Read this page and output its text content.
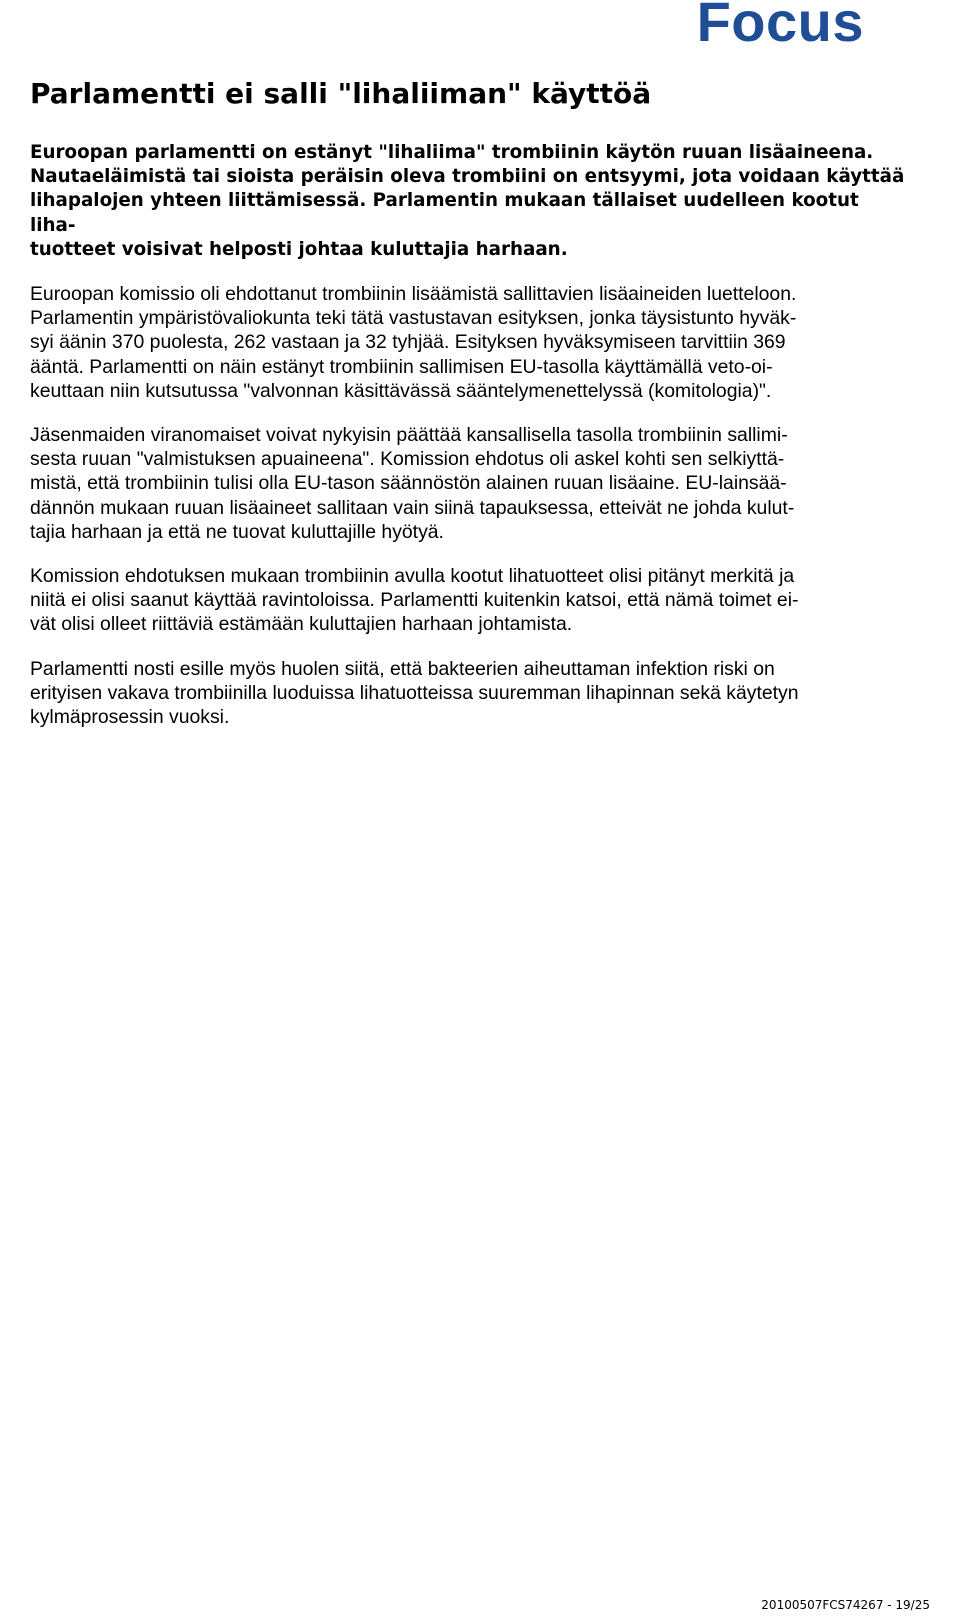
Focus
Parlamentti ei salli "lihaliiman" käyttöä

Euroopan parlamentti on estänyt "lihaliima" trombiinin käytön ruuan lisäaineena.
Nautaeläimistä tai sioista peräisin oleva trombiini on entsyymi, jota voidaan käyttää
lihapalojen yhteen liittämisessä. Parlamentin mukaan tällaiset uudelleen kootut liha-
tuotteet voisivat helposti johtaa kuluttajia harhaan.

Euroopan komissio oli ehdottanut trombiinin lisäämistä sallittavien lisäaineiden luetteloon.
Parlamentin ympäristövaliokunta teki tätä vastustavan esityksen, jonka täysistunto hyväk-
syi äänin 370 puolesta, 262 vastaan ja 32 tyhjää. Esityksen hyväksymiseen tarvittiin 369
ääntä. Parlamentti on näin estänyt trombiinin sallimisen EU-tasolla käyttämällä veto-oi-
keuttaan niin kutsutussa "valvonnan käsittävässä sääntelymenettelyssä (komitologia)".

Jäsenmaiden viranomaiset voivat nykyisin päättää kansallisella tasolla trombiinin sallimi-
sesta ruuan "valmistuksen apuaineena". Komission ehdotus oli askel kohti sen selkiyttä-
mistä, että trombiinin tulisi olla EU-tason säännöstön alainen ruuan lisäaine. EU-lainsää-
dännön mukaan ruuan lisäaineet sallitaan vain siinä tapauksessa, etteivät ne johda kulut-
tajia harhaan ja että ne tuovat kuluttajille hyötyä.

Komission ehdotuksen mukaan trombiinin avulla kootut lihatuotteet olisi pitänyt merkitä ja
niitä ei olisi saanut käyttää ravintoloissa. Parlamentti kuitenkin katsoi, että nämä toimet ei-
vät olisi olleet riittäviä estämään kuluttajien harhaan johtamista.

Parlamentti nosti esille myös huolen siitä, että bakteerien aiheuttaman infektion riski on
erityisen vakava trombiinilla luoduissa lihatuotteissa suuremman lihapinnan sekä käytetyn
kylmäprosessin vuoksi.

20100507FCS74267 - 19/25
